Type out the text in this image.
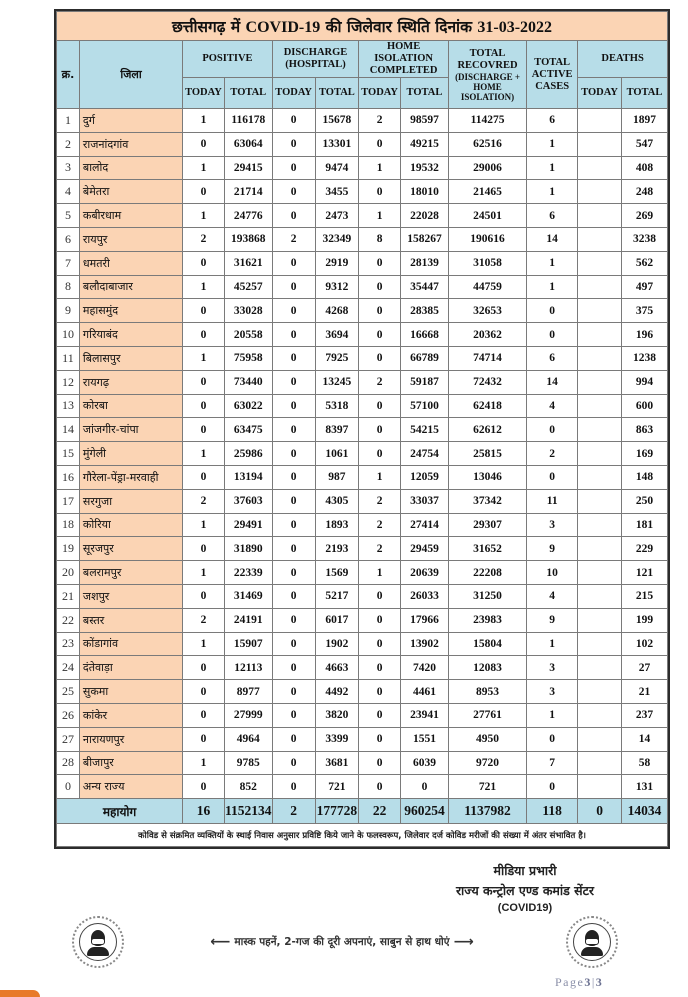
छत्तीसगढ़ में COVID-19 की जिलेवार स्थिति दिनांक 31-03-2022											
क्र.	जिला	POSITIVE		DISCHARGE (HOSPITAL)		HOME ISOLATION COMPLETED		TOTAL RECOVRED
(DISCHARGE + HOME ISOLATION)	TOTAL ACTIVE CASES	DEATHS	
		TODAY	TOTAL	TODAY	TOTAL	TODAY	TOTAL			TODAY	TOTAL
1	दुर्ग	1	116178	0	15678	2	98597	114275	6		1897
2	राजनांदगांव	0	63064	0	13301	0	49215	62516	1		547
3	बालोद	1	29415	0	9474	1	19532	29006	1		408
4	बेमेतरा	0	21714	0	3455	0	18010	21465	1		248
5	कबीरधाम	1	24776	0	2473	1	22028	24501	6		269
6	रायपुर	2	193868	2	32349	8	158267	190616	14		3238
7	धमतरी	0	31621	0	2919	0	28139	31058	1		562
8	बलौदाबाजार	1	45257	0	9312	0	35447	44759	1		497
9	महासमुंद	0	33028	0	4268	0	28385	32653	0		375
10	गरियाबंद	0	20558	0	3694	0	16668	20362	0		196
11	बिलासपुर	1	75958	0	7925	0	66789	74714	6		1238
12	रायगढ़	0	73440	0	13245	2	59187	72432	14		994
13	कोरबा	0	63022	0	5318	0	57100	62418	4		600
14	जांजगीर-चांपा	0	63475	0	8397	0	54215	62612	0		863
15	मुंगेली	1	25986	0	1061	0	24754	25815	2		169
16	गौरेला-पेंड्रा-मरवाही	0	13194	0	987	1	12059	13046	0		148
17	सरगुजा	2	37603	0	4305	2	33037	37342	11		250
18	कोरिया	1	29491	0	1893	2	27414	29307	3		181
19	सूरजपुर	0	31890	0	2193	2	29459	31652	9		229
20	बलरामपुर	1	22339	0	1569	1	20639	22208	10		121
21	जशपुर	0	31469	0	5217	0	26033	31250	4		215
22	बस्तर	2	24191	0	6017	0	17966	23983	9		199
23	कोंडागांव	1	15907	0	1902	0	13902	15804	1		102
24	दंतेवाड़ा	0	12113	0	4663	0	7420	12083	3		27
25	सुकमा	0	8977	0	4492	0	4461	8953	3		21
26	कांकेर	0	27999	0	3820	0	23941	27761	1		237
27	नारायणपुर	0	4964	0	3399	0	1551	4950	0		14
28	बीजापुर	1	9785	0	3681	0	6039	9720	7		58
0	अन्य राज्य	0	852	0	721	0	0	721	0		131
महायोग		16	1152134	2	177728	22	960254	1137982	118	0	14034
कोविड से संक्रमित व्यक्तियों के स्थाई निवास अनुसार प्रविष्टि किये जाने के फलस्वरूप, जिलेवार दर्ज कोविड मरीजों की संख्या में अंतर संभावित है।											
मीडिया प्रभारी
राज्य कन्ट्रोल एण्ड कमांड सेंटर
(COVID19)
⟵ मास्क पहनें, 2-गज की दूरी अपनाएं, साबुन से हाथ धोएं ⟶
Page3|3
